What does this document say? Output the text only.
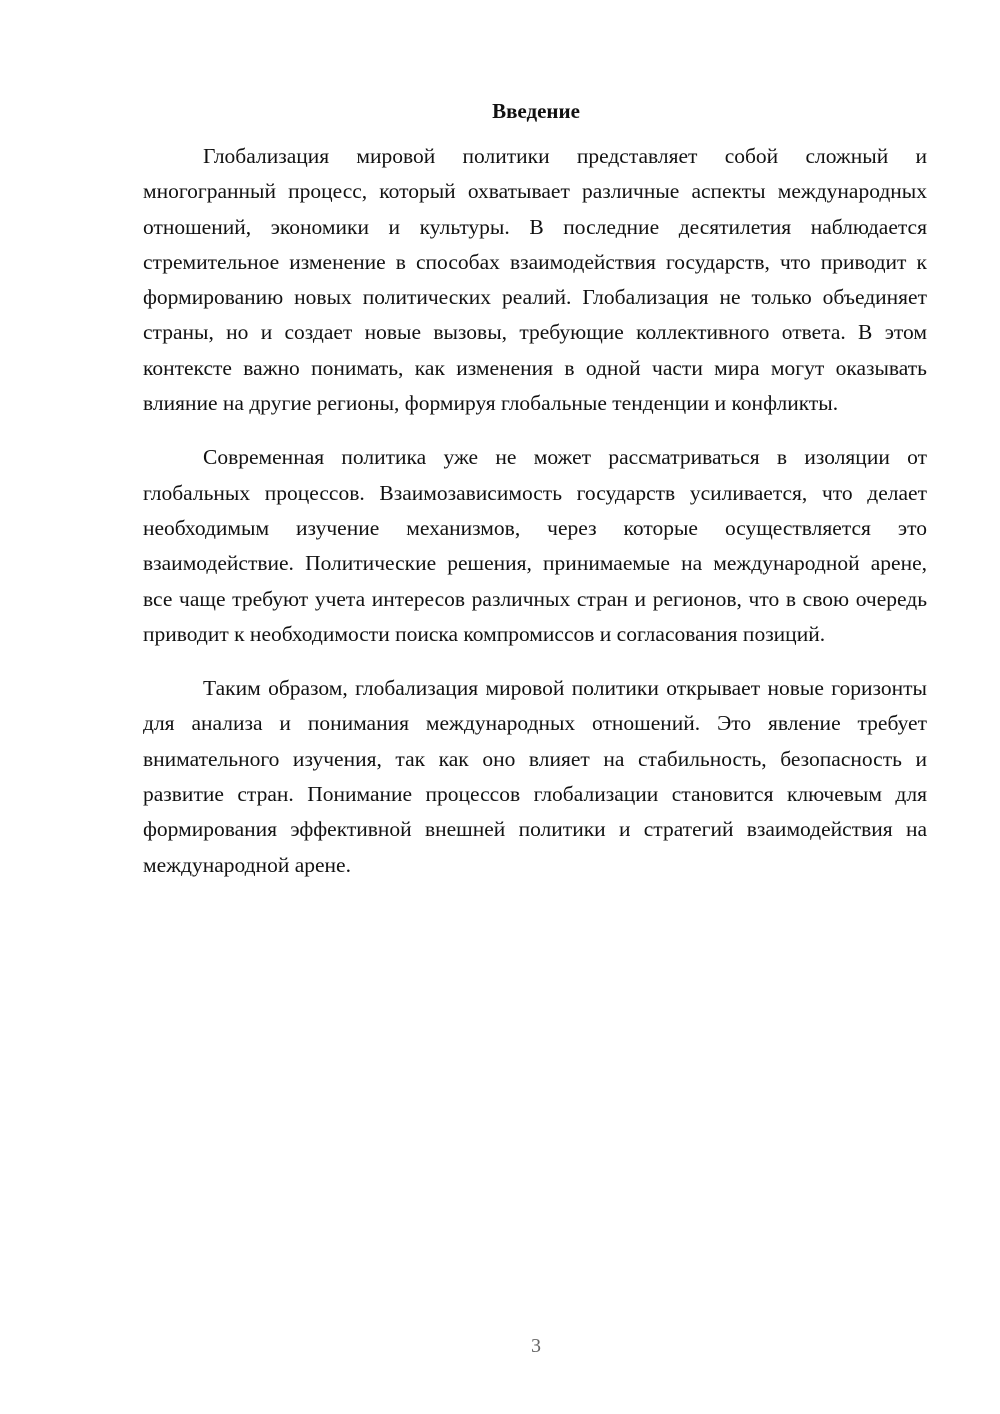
Введение

Глобализация мировой политики представляет собой сложный и многогранный процесс, который охватывает различные аспекты международных отношений, экономики и культуры. В последние десятилетия наблюдается стремительное изменение в способах взаимодействия государств, что приводит к формированию новых политических реалий. Глобализация не только объединяет страны, но и создает новые вызовы, требующие коллективного ответа. В этом контексте важно понимать, как изменения в одной части мира могут оказывать влияние на другие регионы, формируя глобальные тенденции и конфликты.

Современная политика уже не может рассматриваться в изоляции от глобальных процессов. Взаимозависимость государств усиливается, что делает необходимым изучение механизмов, через которые осуществляется это взаимодействие. Политические решения, принимаемые на международной арене, все чаще требуют учета интересов различных стран и регионов, что в свою очередь приводит к необходимости поиска компромиссов и согласования позиций.

Таким образом, глобализация мировой политики открывает новые горизонты для анализа и понимания международных отношений. Это явление требует внимательного изучения, так как оно влияет на стабильность, безопасность и развитие стран. Понимание процессов глобализации становится ключевым для формирования эффективной внешней политики и стратегий взаимодействия на международной арене.

3
